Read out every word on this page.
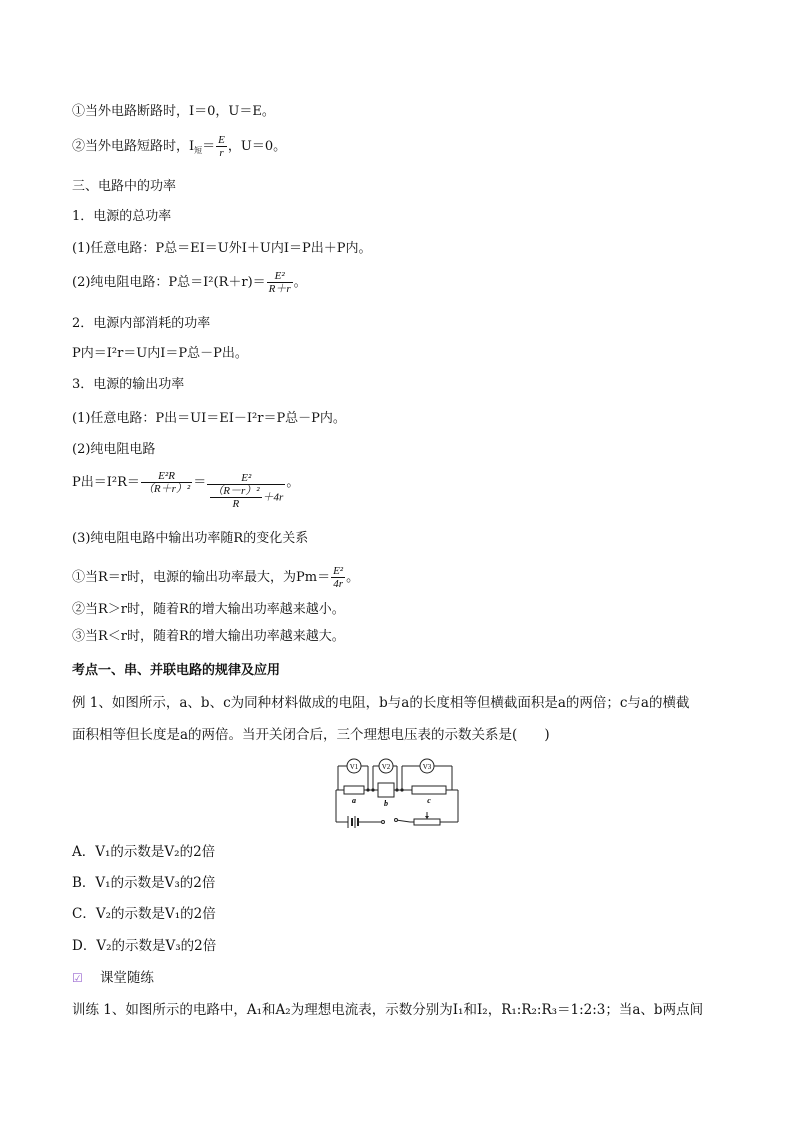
①当外电路断路时，I＝0，U＝E。
②当外电路短路时，$I_短= \frac{E}{r}$ ，U＝0。
三、电路中的功率
1．电源的总功率
(1)任意电路：P总＝EI＝U外I＋U内I＝P出＋P内。
(2)纯电阻电路：P总$=I^2(R+r)= \frac{\text{E²}}{R+r}$ 。
2．电源内部消耗的功率
P内＝I²r＝U内I＝P总－P出。
3．电源的输出功率
(1)任意电路：P出＝UI＝EI－I²r＝P总－P内。
(2)纯电阻电路
P出$=I^2R= \frac{\text{E²R}}{\text{（R＋r）²}} = \frac{\text{E²}}{\frac{\text{（R－r）²}}{R} +4r}$ 。
(3)纯电阻电路中输出功率随R的变化关系
①当R＝r时，电源的输出功率最大，为$Pm= \frac{\text{E²}}{4r}$ 。
②当R＞r时，随着R的增大输出功率越来越小。
③当R＜r时，随着R的增大输出功率越来越大。
考点一、串、并联电路的规律及应用
例 1、如图所示，a、b、c为同种材料做成的电阻，b与a的长度相等但横截面积是a的两倍；c与a的横截
面积相等但长度是a的两倍。当开关闭合后，三个理想电压表的示数关系是(　　)
V1	V2	V3
a	b	c
A．V₁的示数是V₂的2倍
B．V₁的示数是V₃的2倍
C．V₂的示数是V₁的2倍
D．V₂的示数是V₃的2倍
☑ 课堂随练
训练 1、如图所示的电路中，A₁和A₂为理想电流表，示数分别为I₁和I₂，R₁:R₂:R₃＝1:2:3；当a、b两点间
